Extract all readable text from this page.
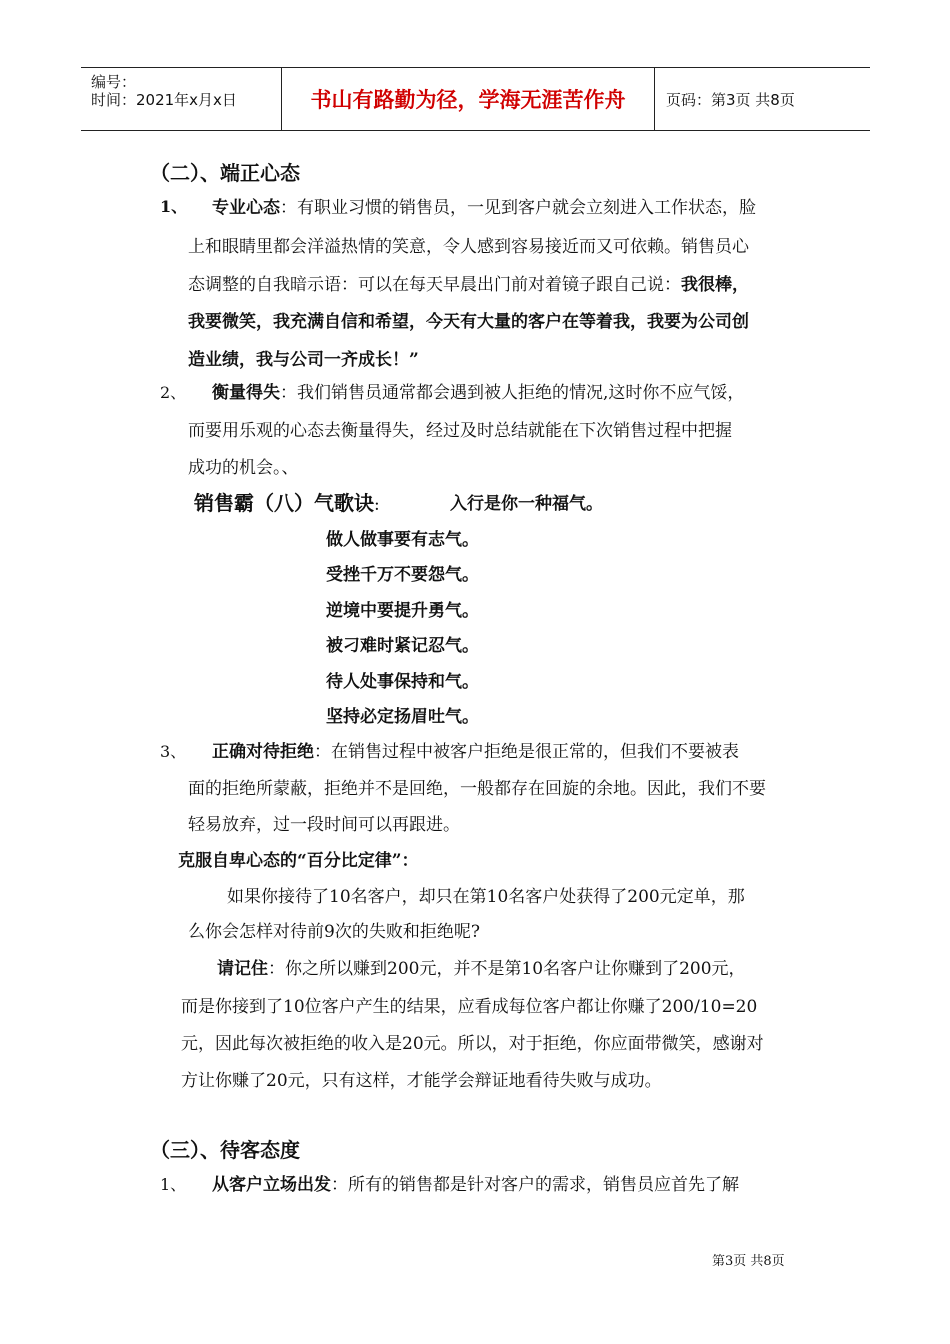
编号：
时间：2021年x月x日	书山有路勤为径，学海无涯苦作舟	页码：第3页 共8页
（二）、端正心态
1、 专业心态：有职业习惯的销售员，一见到客户就会立刻进入工作状态，脸
上和眼睛里都会洋溢热情的笑意，令人感到容易接近而又可依赖。销售员心
态调整的自我暗示语：可以在每天早晨出门前对着镜子跟自己说：我很棒，
我要微笑，我充满自信和希望，今天有大量的客户在等着我，我要为公司创
造业绩，我与公司一齐成长！”
2、 衡量得失：我们销售员通常都会遇到被人拒绝的情况,这时你不应气馁，
而要用乐观的心态去衡量得失，经过及时总结就能在下次销售过程中把握
成功的机会。、
销售霸（八）气歌诀:	入行是你一种福气。
做人做事要有志气。
受挫千万不要怨气。
逆境中要提升勇气。
被刁难时紧记忍气。
待人处事保持和气。
坚持必定扬眉吐气。
3、 正确对待拒绝：在销售过程中被客户拒绝是很正常的，但我们不要被表
面的拒绝所蒙蔽，拒绝并不是回绝，一般都存在回旋的余地。因此，我们不要
轻易放弃，过一段时间可以再跟进。
克服自卑心态的“百分比定律”：
如果你接待了10名客户，却只在第10名客户处获得了200元定单，那
么你会怎样对待前9次的失败和拒绝呢?
请记住：你之所以赚到200元，并不是第10名客户让你赚到了200元，
而是你接到了10位客户产生的结果，应看成每位客户都让你赚了200/10=20
元，因此每次被拒绝的收入是20元。所以，对于拒绝，你应面带微笑，感谢对
方让你赚了20元，只有这样，才能学会辩证地看待失败与成功。
（三）、待客态度
1、 从客户立场出发：所有的销售都是针对客户的需求，销售员应首先了解
第3页 共8页
